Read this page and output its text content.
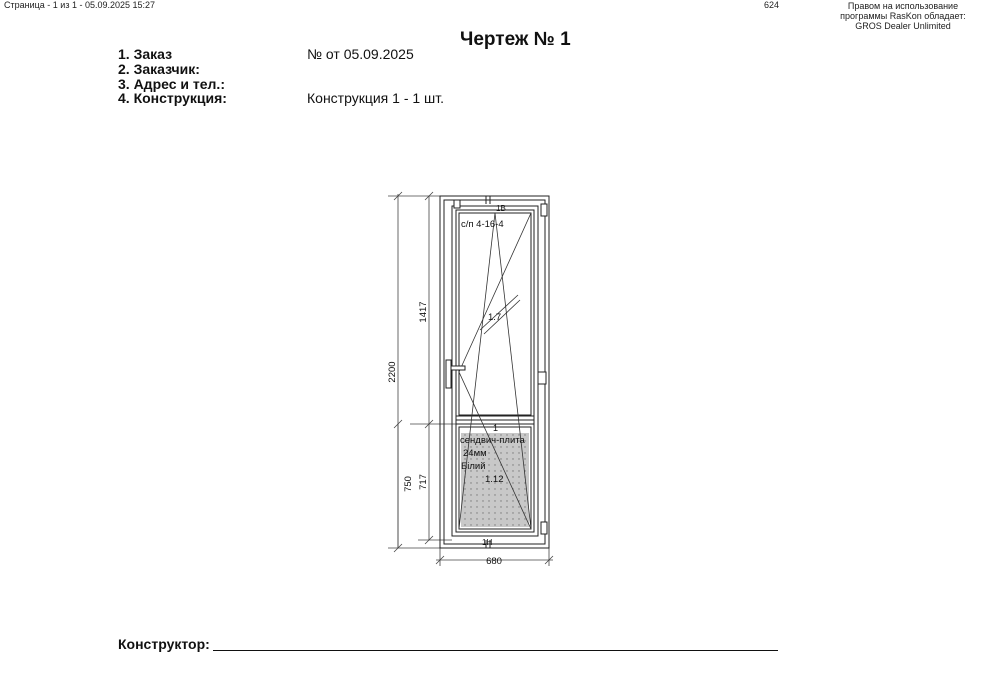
Страница - 1 из 1 - 05.09.2025 15:27	624	Правом на использование
программы RasKon обладает:
GROS Dealer Unlimited
Чертеж № 1
1. Заказ	№ от 05.09.2025
2. Заказчик:
3. Адрес и тел.:
4. Конструкция:	Конструкция 1 - 1 шт.
с/п 4-16-4
1.7
1В
1
1Н
сендвич-плита
24мм
Білий
1.12
2200
1417
750 717
680
Конструктор:
